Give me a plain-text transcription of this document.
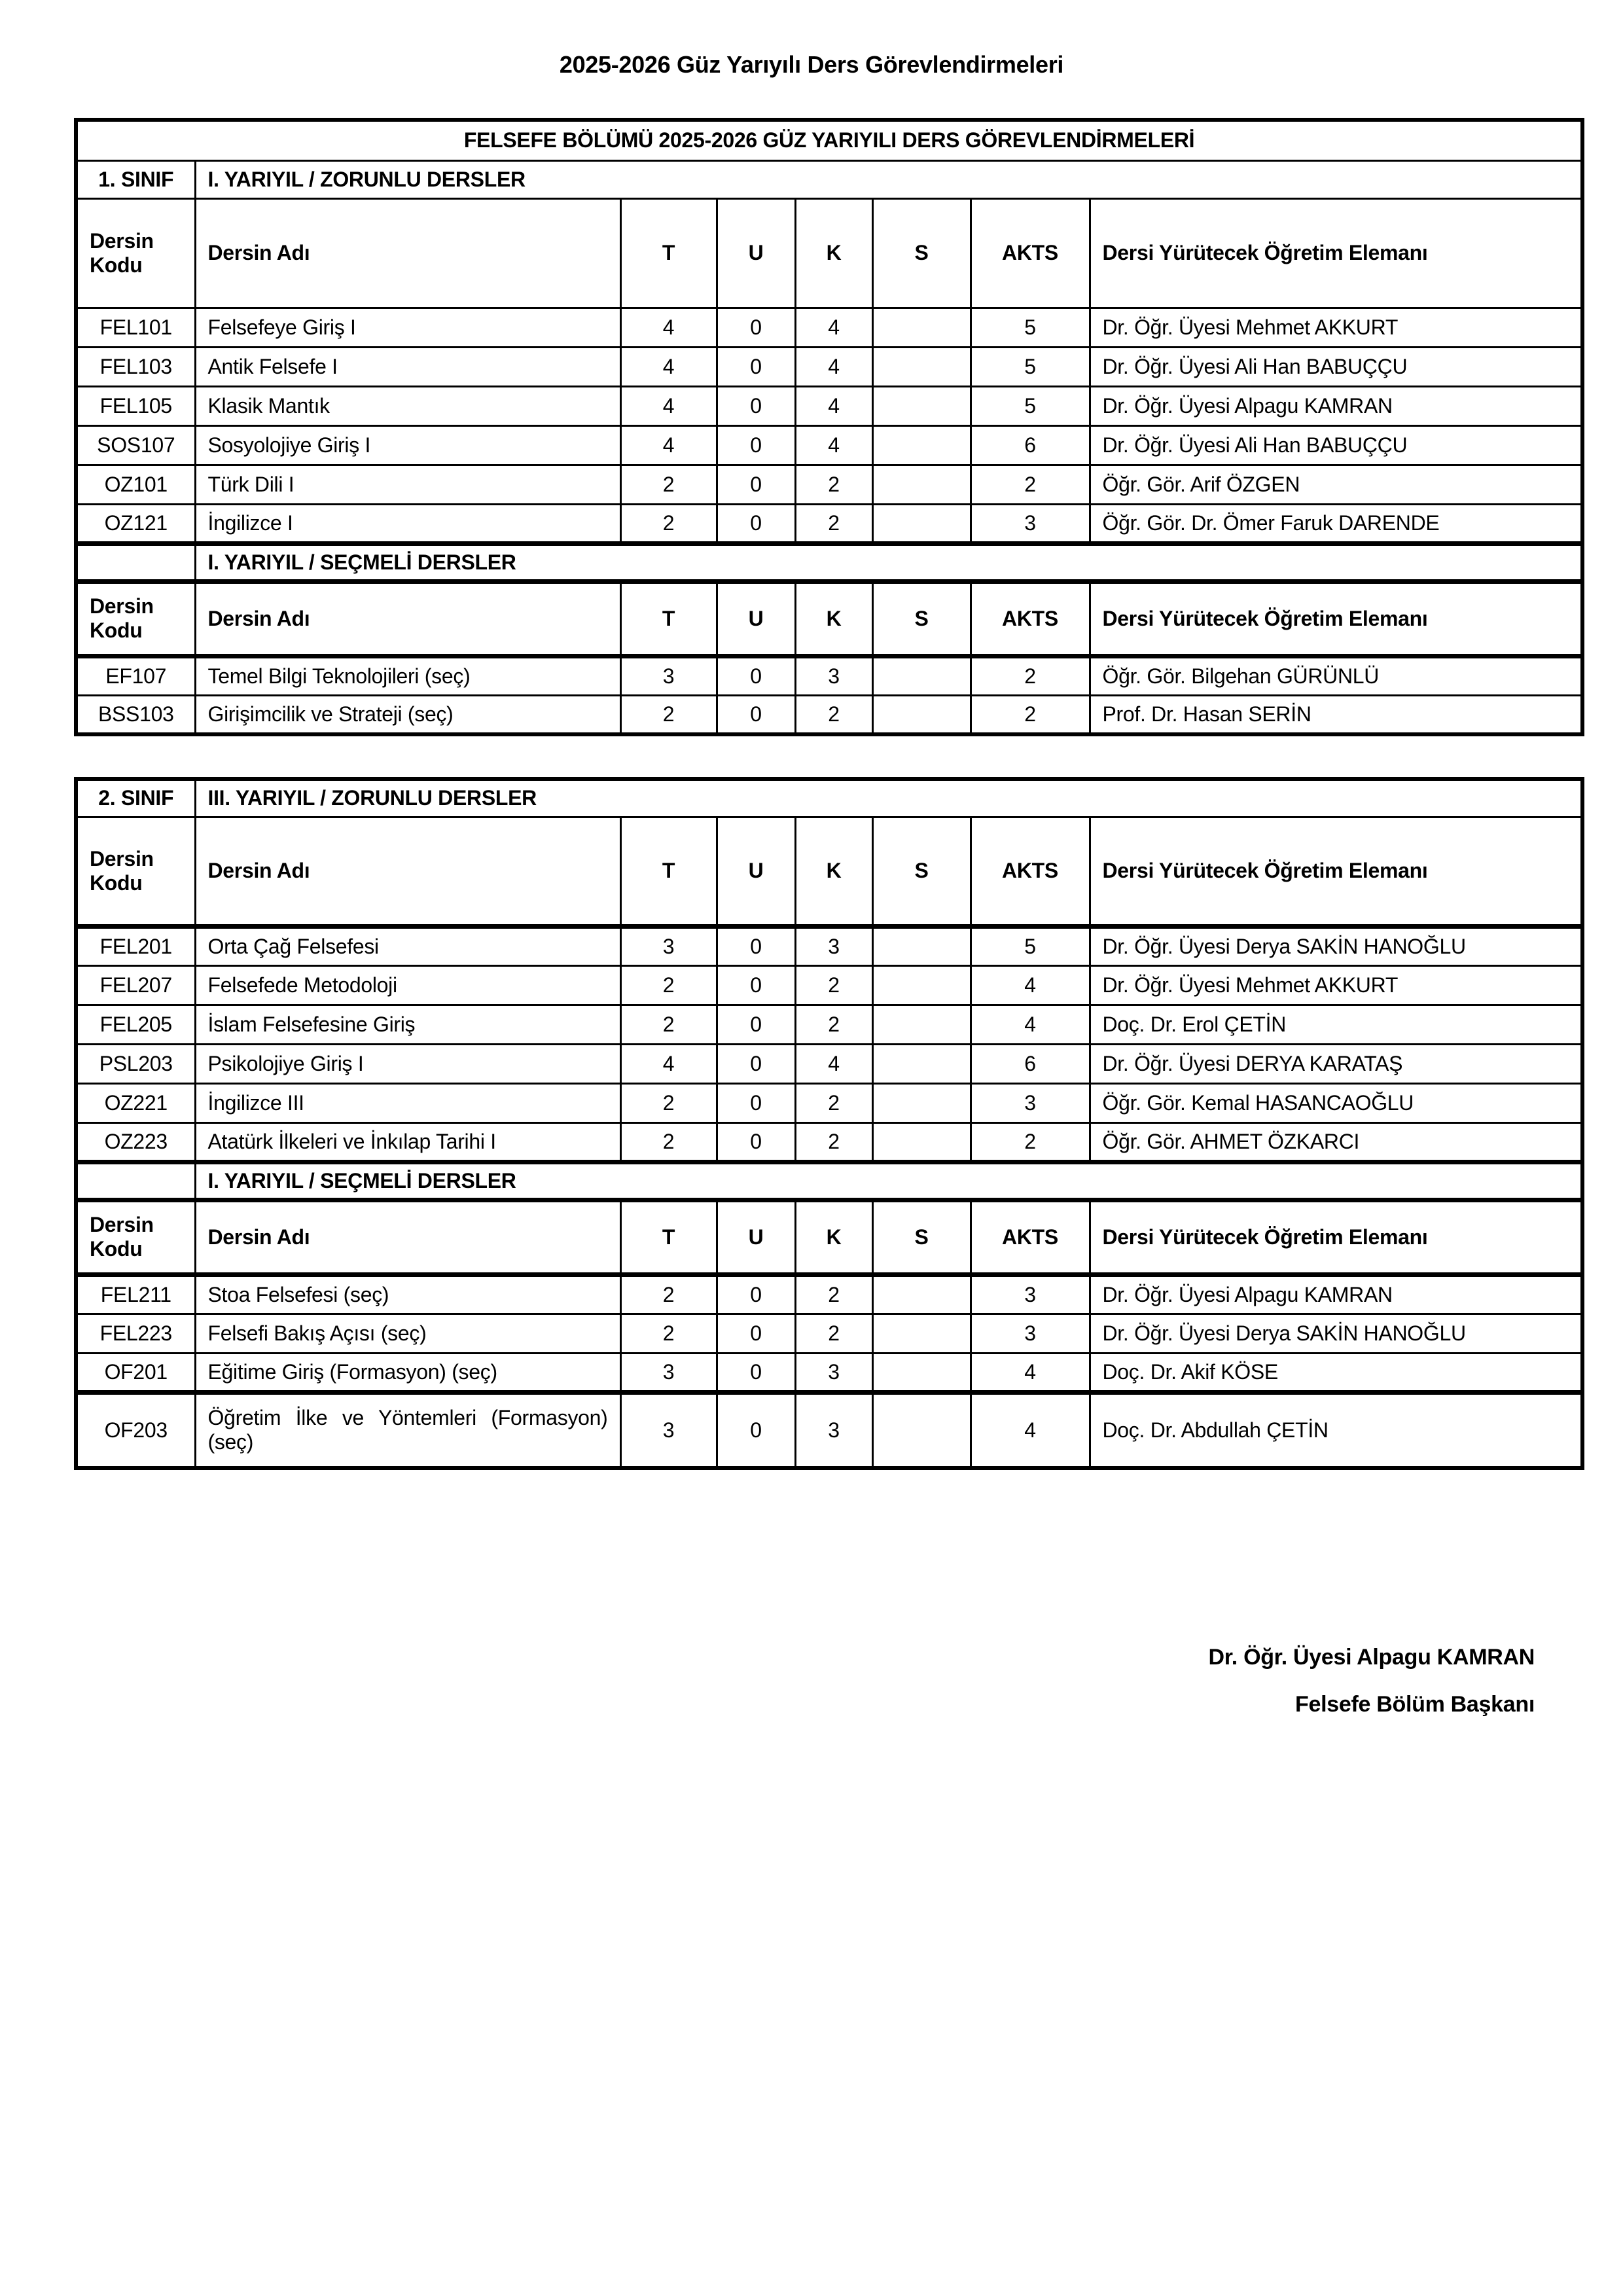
2025-2026 Güz Yarıyılı Ders Görevlendirmeleri
FELSEFE BÖLÜMÜ 2025-2026 GÜZ YARIYILI DERS GÖREVLENDİRMELERİ							
1. SINIF	I. YARIYIL / ZORUNLU DERSLER						
Dersin Kodu	Dersin Adı	T	U	K	S	AKTS	Dersi Yürütecek Öğretim Elemanı
FEL101	Felsefeye Giriş I	4	0	4		5	Dr. Öğr. Üyesi Mehmet AKKURT
FEL103	Antik Felsefe I	4	0	4		5	Dr. Öğr. Üyesi Ali Han BABUÇÇU
FEL105	Klasik Mantık	4	0	4		5	Dr. Öğr. Üyesi Alpagu KAMRAN
SOS107	Sosyolojiye Giriş I	4	0	4		6	Dr. Öğr. Üyesi Ali Han BABUÇÇU
OZ101	Türk Dili I	2	0	2		2	Öğr. Gör. Arif ÖZGEN
OZ121	İngilizce I	2	0	2		3	Öğr. Gör. Dr. Ömer Faruk DARENDE
	I. YARIYIL / SEÇMELİ DERSLER						
Dersin Kodu	Dersin Adı	T	U	K	S	AKTS	Dersi Yürütecek Öğretim Elemanı
EF107	Temel Bilgi Teknolojileri (seç)	3	0	3		2	Öğr. Gör. Bilgehan GÜRÜNLÜ
BSS103	Girişimcilik ve Strateji (seç)	2	0	2		2	Prof. Dr. Hasan SERİN
2. SINIF	III. YARIYIL / ZORUNLU DERSLER						
Dersin Kodu	Dersin Adı	T	U	K	S	AKTS	Dersi Yürütecek Öğretim Elemanı
FEL201	Orta Çağ Felsefesi	3	0	3		5	Dr. Öğr. Üyesi Derya SAKİN HANOĞLU
FEL207	Felsefede Metodoloji	2	0	2		4	Dr. Öğr. Üyesi Mehmet AKKURT
FEL205	İslam Felsefesine Giriş	2	0	2		4	Doç. Dr. Erol ÇETİN
PSL203	Psikolojiye Giriş I	4	0	4		6	Dr. Öğr. Üyesi DERYA KARATAŞ
OZ221	İngilizce III	2	0	2		3	Öğr. Gör. Kemal HASANCAOĞLU
OZ223	Atatürk İlkeleri ve İnkılap Tarihi I	2	0	2		2	Öğr. Gör. AHMET ÖZKARCI
	I. YARIYIL / SEÇMELİ DERSLER						
Dersin Kodu	Dersin Adı	T	U	K	S	AKTS	Dersi Yürütecek Öğretim Elemanı
FEL211	Stoa Felsefesi (seç)	2	0	2		3	Dr. Öğr. Üyesi Alpagu KAMRAN
FEL223	Felsefi Bakış Açısı (seç)	2	0	2		3	Dr. Öğr. Üyesi Derya SAKİN HANOĞLU
OF201	Eğitime Giriş (Formasyon) (seç)	3	0	3		4	Doç. Dr. Akif KÖSE
OF203	Öğretim İlke ve Yöntemleri (Formasyon) (seç)	3	0	3		4	Doç. Dr. Abdullah ÇETİN
Dr. Öğr. Üyesi Alpagu KAMRAN
Felsefe Bölüm Başkanı
